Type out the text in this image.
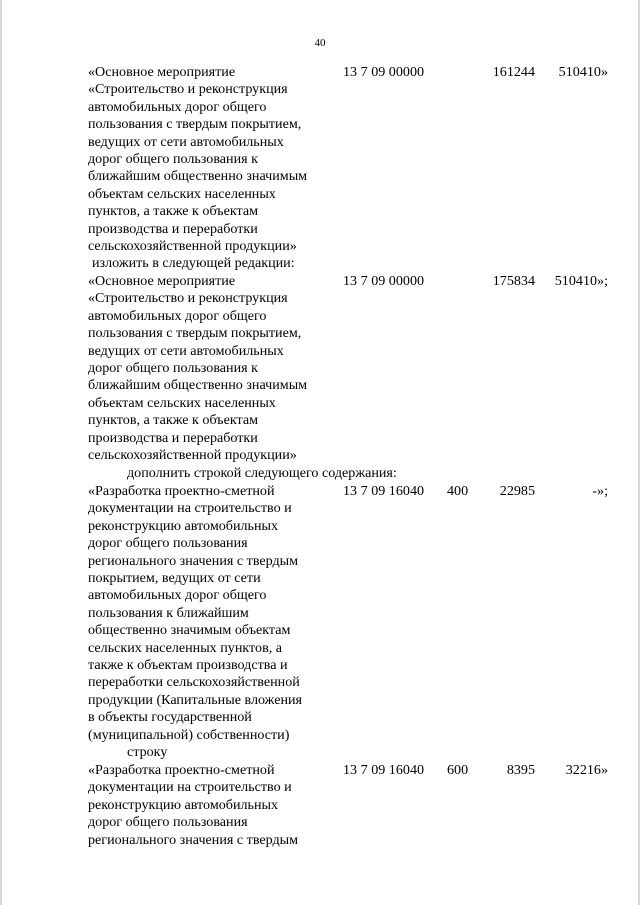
40
«Основное мероприятие
«Строительство и реконструкция
автомобильных дорог общего
пользования с твердым покрытием,
ведущих от сети автомобильных
дорог общего пользования к
ближайшим общественно значимым
объектам сельских населенных
пунктов, а также к объектам
производства и переработки
сельскохозяйственной продукции»
13 7 09 00000	161244	510410»
изложить в следующей редакции:
«Основное мероприятие
«Строительство и реконструкция
автомобильных дорог общего
пользования с твердым покрытием,
ведущих от сети автомобильных
дорог общего пользования к
ближайшим общественно значимым
объектам сельских населенных
пунктов, а также к объектам
производства и переработки
сельскохозяйственной продукции»
13 7 09 00000	175834	510410»;
дополнить строкой следующего содержания:
«Разработка проектно-сметной
документации на строительство и
реконструкцию автомобильных
дорог общего пользования
регионального значения с твердым
покрытием, ведущих от сети
автомобильных дорог общего
пользования к ближайшим
общественно значимым объектам
сельских населенных пунктов, а
также к объектам производства и
переработки сельскохозяйственной
продукции (Капитальные вложения
в объекты государственной
(муниципальной) собственности)
13 7 09 16040 400	22985	-»;
строку
«Разработка проектно-сметной
документации на строительство и
реконструкцию автомобильных
дорог общего пользования
регионального значения с твердым
13 7 09 16040 600	8395	32216»
